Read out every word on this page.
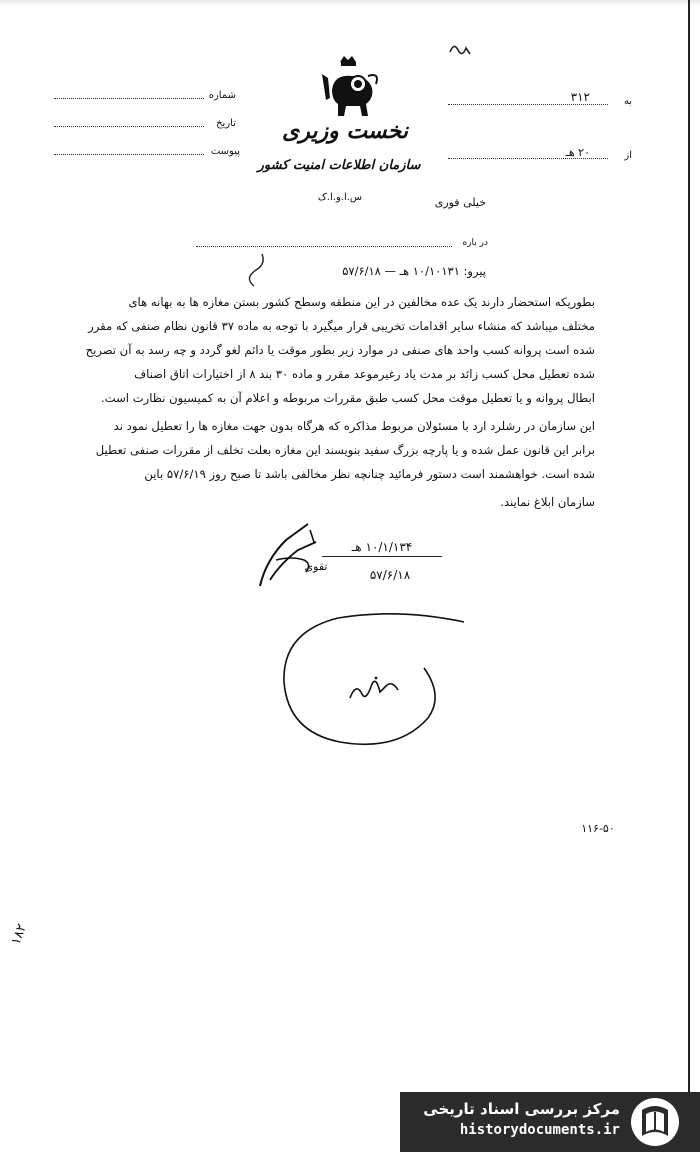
نخست وزیری
سازمان اطلاعات امنیت کشور
س.ا.و.ا.ک
شماره
تاریخ
پیوست
۳۱۲	به
۲۰ هـ	از
خیلی فوری
در باره
پیرو: ۱۰/۱۰۱۳۱ هـ — ۵۷/۶/۱۸
بطوریکه استحضار دارند یک عده مخالفین در این منطقه وسطح کشور بستن مغازه ها به بهانه های
مختلف میباشد که منشاء سایر اقدامات تخریبی قرار میگیرد با توجه به ماده ۳۷ قانون نظام صنفی که مقرر
شده است پروانه کسب واحد های صنفی در موارد زیر بطور موقت یا دائم لغو گردد و چه رسد به آن تصریح
شده تعطیل محل کسب زائد بر مدت یاد رغیرموعد مقرر و ماده ۳۰ بند ۸ از اختیارات اتاق اصناف
ابطال پروانه و یا تعطیل موقت محل کسب طبق مقررات مربوطه و اعلام آن به کمیسیون نظارت است.
این سازمان در رشلرد ارد با مسئولان مربوط مذاکره که هرگاه بدون جهت مغازه ها را تعطیل نمود ند
برابر این قانون عمل شده و یا پارچه بزرگ سفید بنویسند این مغازه بعلت تخلف از مقررات صنفی تعطیل
شده است. خواهشمند است دستور فرمائید چنانچه نظر مخالفی باشد تا صبح روز ۵۷/۶/۱۹ باین
سازمان ابلاغ نمایند.
۱۰/۱/۱۳۴ هـ
تقوی
۵۷/۶/۱۸
۱۱۶-۵۰
۱۸۲
مرکز بررسی اسناد تاریخی
historydocuments.ir
